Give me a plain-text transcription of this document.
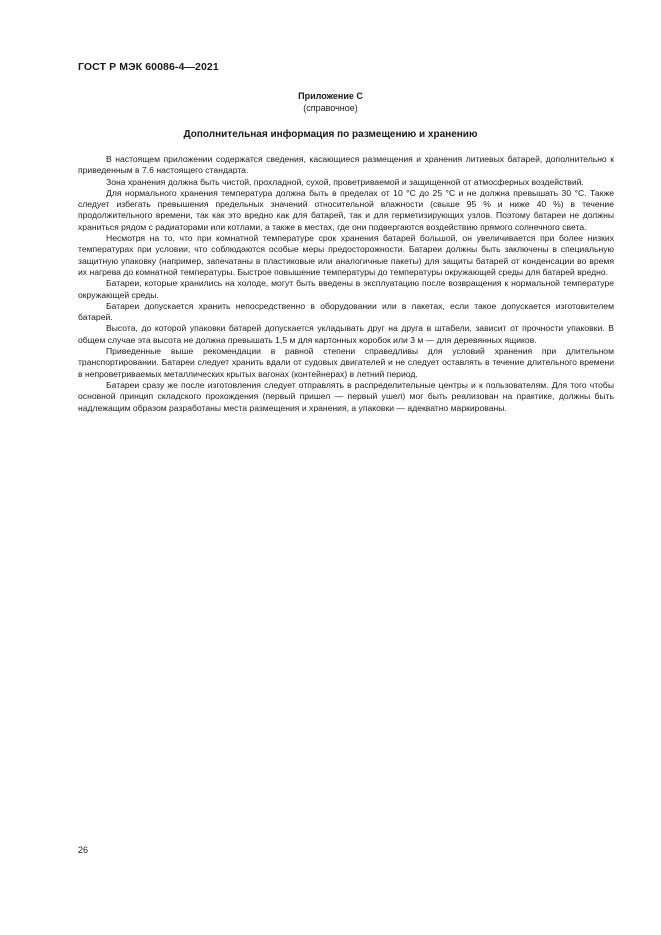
ГОСТ Р МЭК 60086-4—2021
Приложение С
(справочное)
Дополнительная информация по размещению и хранению

В настоящем приложении содержатся сведения, касающиеся размещения и хранения литиевых батарей, дополнительно к приведенным в 7.6 настоящего стандарта.

Зона хранения должна быть чистой, прохладной, сухой, проветриваемой и защищенной от атмосферных воздействий.

Для нормального хранения температура должна быть в пределах от 10 °С до 25 °С и не должна превышать 30 °С. Также следует избегать превышения предельных значений относительной влажности (свыше 95 % и ниже 40 %) в течение продолжительного времени, так как это вредно как для батарей, так и для герметизирующих узлов. Поэтому батареи не должны храниться рядом с радиаторами или котлами, а также в местах, где они подвергаются воздействию прямого солнечного света.

Несмотря на то, что при комнатной температуре срок хранения батарей большой, он увеличивается при более низких температурах при условии, что соблюдаются особые меры предосторожности. Батареи должны быть заключены в специальную защитную упаковку (например, запечатаны в пластиковые или аналогичные пакеты) для защиты батарей от конденсации во время их нагрева до комнатной температуры. Быстрое повышение температуры до температуры окружающей среды для батарей вредно.

Батареи, которые хранились на холоде, могут быть введены в эксплуатацию после возвращения к нормальной температуре окружающей среды.

Батареи допускается хранить непосредственно в оборудовании или в пакетах, если такое допускается изготовителем батарей.

Высота, до которой упаковки батарей допускается укладывать друг на друга в штабели, зависит от прочности упаковки. В общем случае эта высота не должна превышать 1,5 м для картонных коробок или 3 м — для деревянных ящиков.

Приведенные выше рекомендации в равной степени справедливы для условий хранения при длительном транспортировании. Батареи следует хранить вдали от судовых двигателей и не следует оставлять в течение длительного времени в непроветриваемых металлических крытых вагонах (контейнерах) в летний период.

Батареи сразу же после изготовления следует отправлять в распределительные центры и к пользователям. Для того чтобы основной принцип складского прохождения (первый пришел — первый ушел) мог быть реализован на практике, должны быть надлежащим образом разработаны места размещения и хранения, а упаковки — адекватно маркированы.

26
